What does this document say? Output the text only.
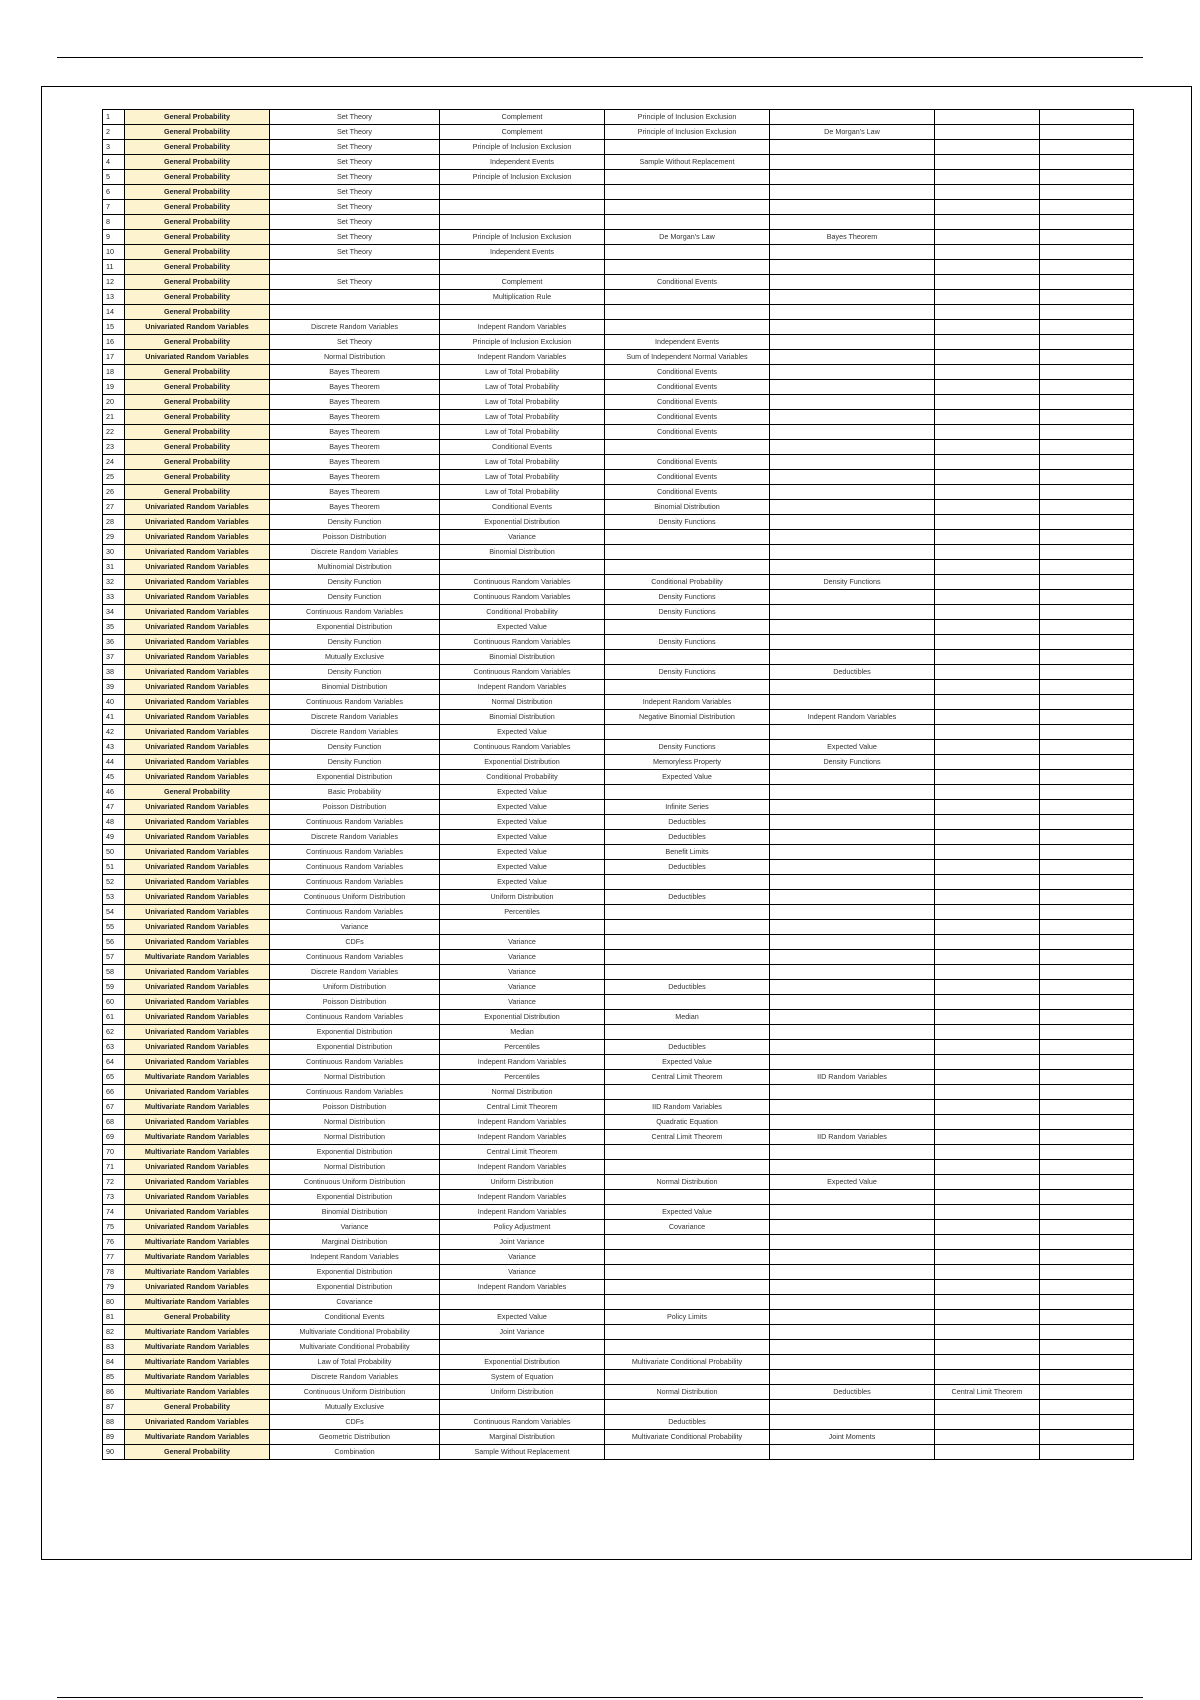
1	General Probability	Set Theory	Complement	Principle of Inclusion Exclusion			
2	General Probability	Set Theory	Complement	Principle of Inclusion Exclusion	De Morgan's Law		
3	General Probability	Set Theory	Principle of Inclusion Exclusion				
4	General Probability	Set Theory	Independent Events	Sample Without Replacement			
5	General Probability	Set Theory	Principle of Inclusion Exclusion				
6	General Probability	Set Theory					
7	General Probability	Set Theory					
8	General Probability	Set Theory					
9	General Probability	Set Theory	Principle of Inclusion Exclusion	De Morgan's Law	Bayes Theorem		
10	General Probability	Set Theory	Independent Events				
11	General Probability						
12	General Probability	Set Theory	Complement	Conditional Events			
13	General Probability		Multiplication Rule				
14	General Probability						
15	Univariated Random Variables	Discrete Random Variables	Indepent Random Variables				
16	General Probability	Set Theory	Principle of Inclusion Exclusion	Independent Events			
17	Univariated Random Variables	Normal Distribution	Indepent Random Variables	Sum of Independent Normal Variables			
18	General Probability	Bayes Theorem	Law of Total Probability	Conditional Events			
19	General Probability	Bayes Theorem	Law of Total Probability	Conditional Events			
20	General Probability	Bayes Theorem	Law of Total Probability	Conditional Events			
21	General Probability	Bayes Theorem	Law of Total Probability	Conditional Events			
22	General Probability	Bayes Theorem	Law of Total Probability	Conditional Events			
23	General Probability	Bayes Theorem	Conditional Events				
24	General Probability	Bayes Theorem	Law of Total Probability	Conditional Events			
25	General Probability	Bayes Theorem	Law of Total Probability	Conditional Events			
26	General Probability	Bayes Theorem	Law of Total Probability	Conditional Events			
27	Univariated Random Variables	Bayes Theorem	Conditional Events	Binomial Distribution			
28	Univariated Random Variables	Density Function	Exponential Distribution	Density Functions			
29	Univariated Random Variables	Poisson Distribution	Variance				
30	Univariated Random Variables	Discrete Random Variables	Binomial Distribution				
31	Univariated Random Variables	Multinomial Distribution					
32	Univariated Random Variables	Density Function	Continuous Random Variables	Conditional Probability	Density Functions		
33	Univariated Random Variables	Density Function	Continuous Random Variables	Density Functions			
34	Univariated Random Variables	Continuous Random Variables	Conditional Probability	Density Functions			
35	Univariated Random Variables	Exponential Distribution	Expected Value				
36	Univariated Random Variables	Density Function	Continuous Random Variables	Density Functions			
37	Univariated Random Variables	Mutually Exclusive	Binomial Distribution				
38	Univariated Random Variables	Density Function	Continuous Random Variables	Density Functions	Deductibles		
39	Univariated Random Variables	Binomial Distribution	Indepent Random Variables				
40	Univariated Random Variables	Continuous Random Variables	Normal Distribution	Indepent Random Variables			
41	Univariated Random Variables	Discrete Random Variables	Binomial Distribution	Negative Binomial Distribution	Indepent Random Variables		
42	Univariated Random Variables	Discrete Random Variables	Expected Value				
43	Univariated Random Variables	Density Function	Continuous Random Variables	Density Functions	Expected Value		
44	Univariated Random Variables	Density Function	Exponential Distribution	Memoryless Property	Density Functions		
45	Univariated Random Variables	Exponential Distribution	Conditional Probability	Expected Value			
46	General Probability	Basic Probability	Expected Value				
47	Univariated Random Variables	Poisson Distribution	Expected Value	Infinite Series			
48	Univariated Random Variables	Continuous Random Variables	Expected Value	Deductibles			
49	Univariated Random Variables	Discrete Random Variables	Expected Value	Deductibles			
50	Univariated Random Variables	Continuous Random Variables	Expected Value	Benefit Limits			
51	Univariated Random Variables	Continuous Random Variables	Expected Value	Deductibles			
52	Univariated Random Variables	Continuous Random Variables	Expected Value				
53	Univariated Random Variables	Continuous Uniform Distribution	Uniform Distribution	Deductibles			
54	Univariated Random Variables	Continuous Random Variables	Percentiles				
55	Univariated Random Variables	Variance					
56	Univariated Random Variables	CDFs	Variance				
57	Multivariate Random Variables	Continuous Random Variables	Variance				
58	Univariated Random Variables	Discrete Random Variables	Variance				
59	Univariated Random Variables	Uniform Distribution	Variance	Deductibles			
60	Univariated Random Variables	Poisson Distribution	Variance				
61	Univariated Random Variables	Continuous Random Variables	Exponential Distribution	Median			
62	Univariated Random Variables	Exponential Distribution	Median				
63	Univariated Random Variables	Exponential Distribution	Percentiles	Deductibles			
64	Univariated Random Variables	Continuous Random Variables	Indepent Random Variables	Expected Value			
65	Multivariate Random Variables	Normal Distribution	Percentiles	Central Limit Theorem	IID Random Variables		
66	Univariated Random Variables	Continuous Random Variables	Normal Distribution				
67	Multivariate Random Variables	Poisson Distribution	Central Limit Theorem	IID Random Variables			
68	Univariated Random Variables	Normal Distribution	Indepent Random Variables	Quadratic Equation			
69	Multivariate Random Variables	Normal Distribution	Indepent Random Variables	Central Limit Theorem	IID Random Variables		
70	Multivariate Random Variables	Exponential Distribution	Central Limit Theorem				
71	Univariated Random Variables	Normal Distribution	Indepent Random Variables				
72	Univariated Random Variables	Continuous Uniform Distribution	Uniform Distribution	Normal Distribution	Expected Value		
73	Univariated Random Variables	Exponential Distribution	Indepent Random Variables				
74	Univariated Random Variables	Binomial Distribution	Indepent Random Variables	Expected Value			
75	Univariated Random Variables	Variance	Policy Adjustment	Covariance			
76	Multivariate Random Variables	Marginal Distribution	Joint Variance				
77	Multivariate Random Variables	Indepent Random Variables	Variance				
78	Multivariate Random Variables	Exponential Distribution	Variance				
79	Univariated Random Variables	Exponential Distribution	Indepent Random Variables				
80	Multivariate Random Variables	Covariance					
81	General Probability	Conditional Events	Expected Value	Policy Limits			
82	Multivariate Random Variables	Multivariate Conditional Probability	Joint Variance				
83	Multivariate Random Variables	Multivariate Conditional Probability					
84	Multivariate Random Variables	Law of Total Probability	Exponential Distribution	Multivariate Conditional Probability			
85	Multivariate Random Variables	Discrete Random Variables	System of Equation				
86	Multivariate Random Variables	Continuous Uniform Distribution	Uniform Distribution	Normal Distribution	Deductibles	Central Limit Theorem	
87	General Probability	Mutually Exclusive					
88	Univariated Random Variables	CDFs	Continuous Random Variables	Deductibles			
89	Multivariate Random Variables	Geometric Distribution	Marginal Distribution	Multivariate Conditional Probability	Joint Moments		
90	General Probability	Combination	Sample Without Replacement				
